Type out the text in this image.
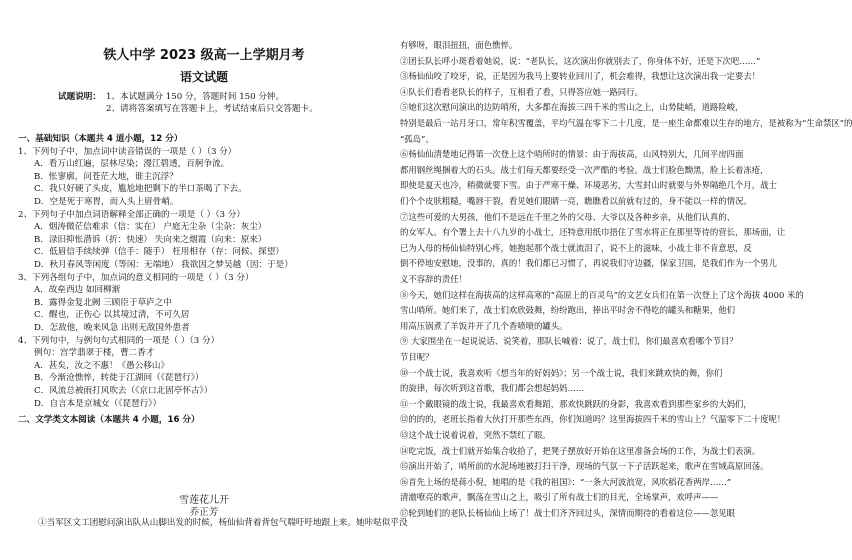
铁人中学 2023 级高一上学期月考
语文试题
试题说明： 1、本试题满分 150 分，答题时间 150 分钟。
2、请将答案填写在答题卡上，考试结束后只交答题卡。
一、基础知识（本题共 4 道小题，12 分）
1、下列句子中，加点词中读音错误的一项是（ ）（3 分）
A．看万山红遍，层林尽染；漫江碧透，百舸争流。
B．怅寥廓，问苍茫大地，谁主沉浮？
C．我只好硬了头皮，尴尬地把剩下的半口茶喝了下去。
D．空是死于寒胃，而入头上眉骨峭。
2、下列句子中加点词语解释全部正确的一项是（ ）（3 分）
A．烟涛微茫信难求（信：实在） 户庭无尘杂（尘杂：灰尘）
B．渌旧抑怅潜诉（折：快速） 失向来之烟霞（向来：原来）
C．低眉信手续续弹（信手：随手） 枉用相存（存：问候、探望）
D．秋月春风等闲度（等闲：无端地） 我欲因之梦吴越（因：于是）
3、下列各组句子中，加点词的意义相同的一项是（ ）（3 分）
A．故垒西边 如回柳渐
B．露得金复北阙 三顾臣于草庐之中
C．醒也，正伤心 以其境过清，不可久居
D．怎敌他，晚来风急 出则无敌国外患者
4、下列句中，与例句句式相同的一项是（ ）（3 分）
例句：宫学翡翠于楼，曹二香才
A．甚矣，汝之不惠！《愚公移山》
B．今渐沧憔悴，转徙于江湖间（《琵琶行》）
C．风流总被雨打风吹去（《京口北固亭怀古》）
D．自言本是京城女（《琵琶行》）
二、文学类文本阅读（本题共 4 小题，16 分）
雪莲花儿开
乔正芳
①当军区文工团慰问演出队从山脚出发的时候，杨仙仙背着背包气喘吁吁地跟上来。她咔哒似乎没
有够呀，眼泪扭扭，面色憔悴。
②团长队长呼小斑看着她说，说：“老队长，这次演出你就别去了，你身体不好，还是下次吧……”
③杨仙仙咬了咬牙，说，正是因为我马上要转业回川了，机会难得，我想让这次演出我一定要去！
④队长们看看老队长的样子，互相看了看，只得答应她一路同行。
⑤她们这次慰问演出的边防哨所，大多都在海拔三四千米的雪山之上，山势陡峭，道路险峻，
特别是最后一站月牙口，常年积雪覆盖，平均气温在零下二十几度，是一座生命都难以生存的地方，是被称为“生命禁区”的
“孤岛”。
⑥杨仙仙清楚地记得第一次登上这个哨所时的情景：由于海拔高，山风特别大，几间平房四面
都用钢丝绳捆着大的石头。战士们每天都要经受一次严酷的考验。战士们脸色黝黑，脸上长着冻疮，
即使是夏天也冷，稍微就要下雪。由于严寒干燥、环境恶劣，大雪封山时就要与外界隔绝几个月，战士
们个个皮肤粗糙，嘴唇干裂，看见她们眼睛一亮，瞧瞧看以前就有过的，身不能以一样的情况。
⑦这些可爱的大男孩，他们不是远在千里之外的父母、大爷以及各种乡亲，从他们认真的、
的女军人。有个署上去十八九岁的小战士，还特意用纸巾捂住了雪水将正在那里等待的营长，那场面，让
已为人母的杨仙仙特别心疼，她抱起那个战士就流泪了，说不上的滋味，小战士非不肯意思，反
倒不停地安慰她，没事的，真的！我们都已习惯了，再说我们守边疆，保家卫国，是我们作为一个男儿
义不容辞的责任！
⑧今天，她们这样在海拔高的这样高寒的”高原上的百灵鸟”的文艺女兵们在第一次登上了这个海拔 4000 米的
雪山哨所。她们来了，战士们欢欣鼓舞，纷纷跑出，捧出平时舍不得吃的罐头和糖果，他们
用高压锅煮了羊饭并开了几个香喷喷的罐头。
⑨ 大家围坐在一起说说话、说笑着，那队长喊着：说了，战士们，你们最喜欢看哪个节目？
节目呢？
⑩一个战士说，我喜欢听《想当年的好妈妈》；另一个战士说，我们来跳欢快的舞，你们
的旋律，每次听到这首歌，我们都会想起妈妈……
⑪一个戴眼镜的战士说，我最喜欢看舞蹈，那欢快跳跃的身影，我喜欢看到那些家乡的大妈们，
⑫的的的，老班长指着大伙打开那些东西，你们知道吗？这里海拔四千米的雪山上？气温零下二十度呢！
⑬这个战士说着说着，突然不禁红了眼。
⑭吃完饭，战士们就开始集合收拾了，把凳子摆放好开始在这里准备会场的工作，为战士们表演。
⑮演出开始了，哨所前的水泥场地被打扫干净，现场的气氛一下子活跃起来，歌声在雪域高原回荡。
⑯首先上场的是蒋小倪，她唱的是《我的祖国》：“一条大河波浪宽，风吹稻花香两岸……”
清澈嘹亮的歌声，飘荡在雪山之上，吸引了所有战士们的目光，全场掌声，欢呼声——
⑰轮到她们的老队长杨仙仙上场了！战士们齐齐回过头，深情而期待的看着这位——忽见眼
